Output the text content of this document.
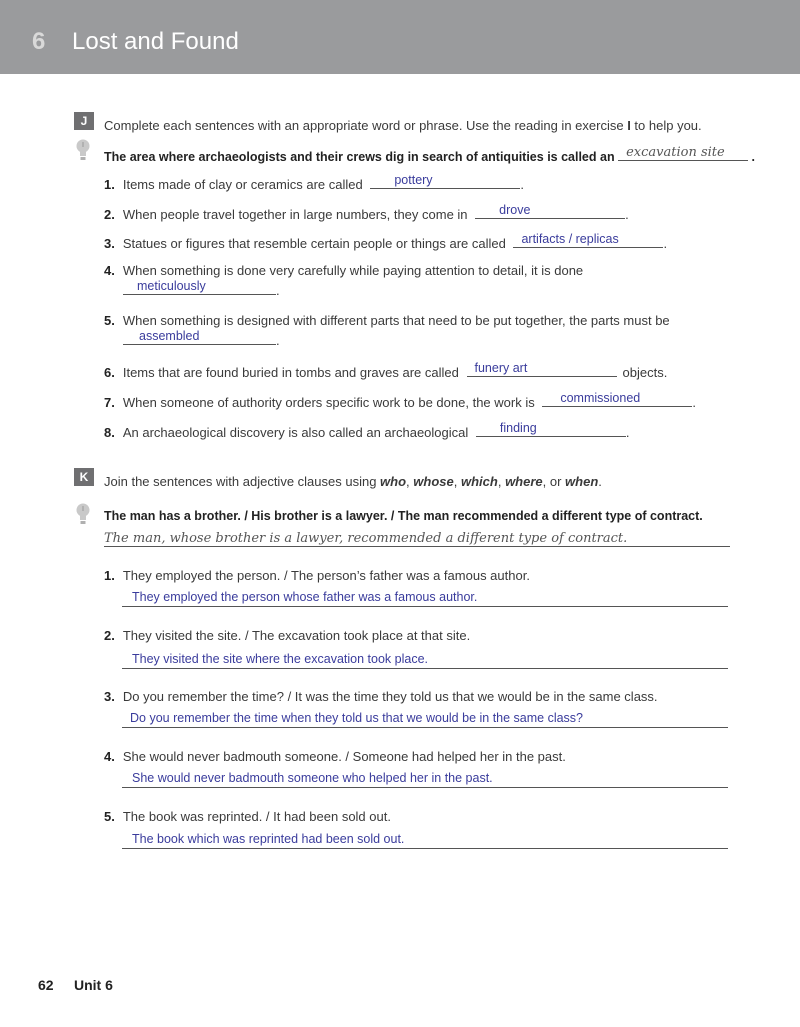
6 Lost and Found
J	Complete each sentences with an appropriate word or phrase. Use the reading in exercise I to help you.
The area where archaeologists and their crews dig in search of antiquities is called an excavation site .
1. Items made of clay or ceramics are called	pottery	.
2. When people travel together in large numbers, they come in	drove	.
3. Statues or figures that resemble certain people or things are called artifacts / replicas	.
4. When something is done very carefully while paying attention to detail, it is done
meticulously	.
5. When something is designed with different parts that need to be put together, the parts must be
assembled	.
6. Items that are found buried in tombs and graves are called funery art	objects.
7. When someone of authority orders specific work to be done, the work is commissioned	.
8. An archaeological discovery is also called an archaeological	finding	.
K	Join the sentences with adjective clauses using who, whose, which, where, or when.
The man has a brother. / His brother is a lawyer. / The man recommended a different type of contract.
The man, whose brother is a lawyer, recommended a different type of contract.
1. They employed the person. / The person’s father was a famous author.
They employed the person whose father was a famous author.
2. They visited the site. / The excavation took place at that site.
They visited the site where the excavation took place.
3. Do you remember the time? / It was the time they told us that we would be in the same class.
Do you remember the time when they told us that we would be in the same class?
4. She would never badmouth someone. / Someone had helped her in the past.
She would never badmouth someone who helped her in the past.
5. The book was reprinted. / It had been sold out.
The book which was reprinted had been sold out.
62 Unit 6
